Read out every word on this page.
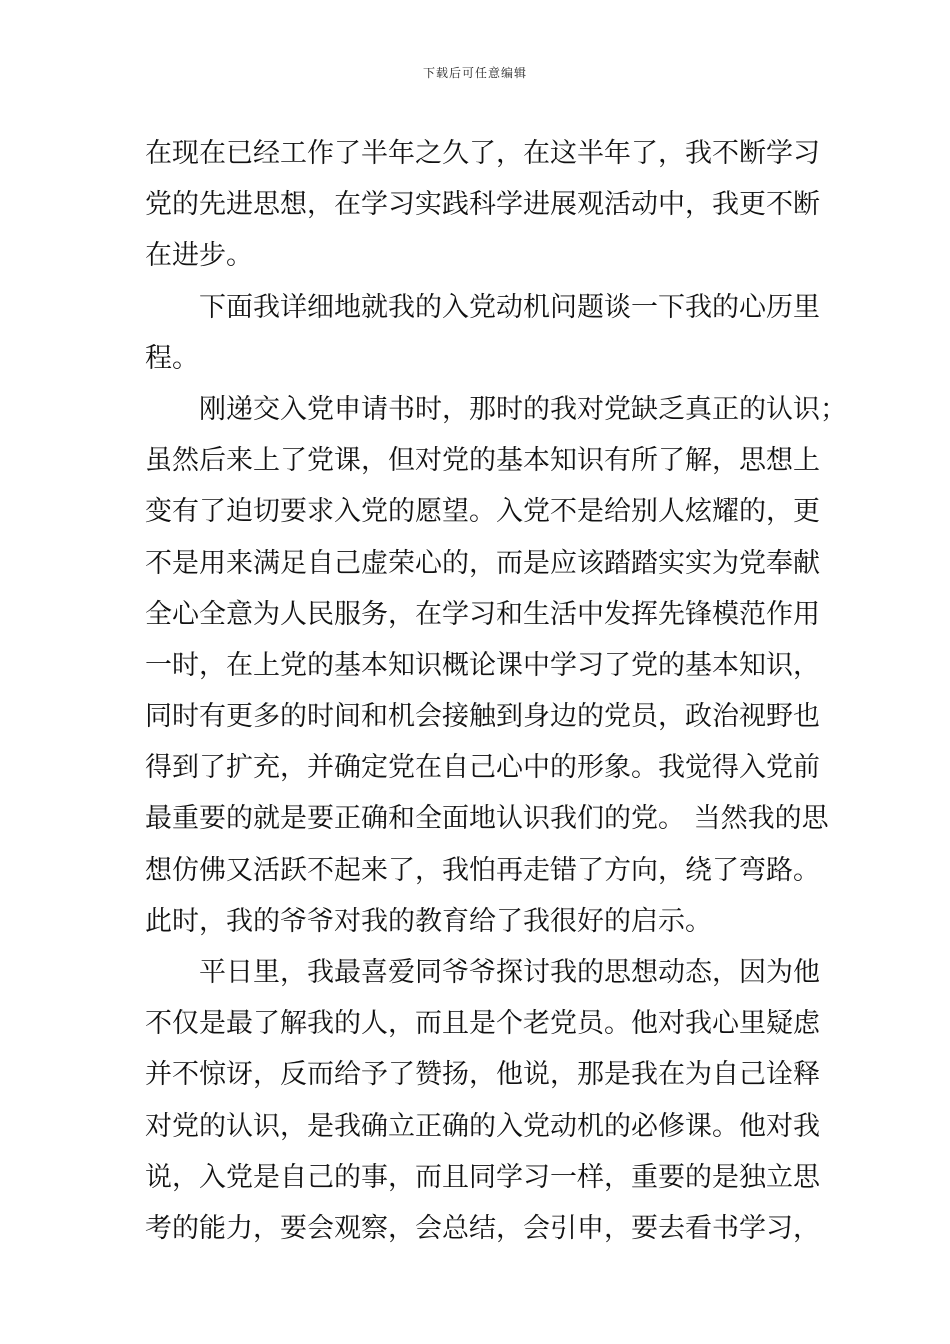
下载后可任意编辑
在现在已经工作了半年之久了，在这半年了，我不断学习
党的先进思想，在学习实践科学进展观活动中，我更不断
在进步。
下面我详细地就我的入党动机问题谈一下我的心历里
程。
刚递交入党申请书时，那时的我对党缺乏真正的认识；
虽然后来上了党课，但对党的基本知识有所了解，思想上
变有了迫切要求入党的愿望。入党不是给别人炫耀的，更
不是用来满足自己虚荣心的，而是应该踏踏实实为党奉献
全心全意为人民服务，在学习和生活中发挥先锋模范作用
一时，在上党的基本知识概论课中学习了党的基本知识，
同时有更多的时间和机会接触到身边的党员，政治视野也
得到了扩充，并确定党在自己心中的形象。我觉得入党前
最重要的就是要正确和全面地认识我们的党。 当然我的思
想仿佛又活跃不起来了，我怕再走错了方向，绕了弯路。
此时，我的爷爷对我的教育给了我很好的启示。
平日里，我最喜爱同爷爷探讨我的思想动态，因为他
不仅是最了解我的人，而且是个老党员。他对我心里疑虑
并不惊讶，反而给予了赞扬，他说，那是我在为自己诠释
对党的认识，是我确立正确的入党动机的必修课。他对我
说，入党是自己的事，而且同学习一样，重要的是独立思
考的能力，要会观察，会总结，会引申，要去看书学习，
